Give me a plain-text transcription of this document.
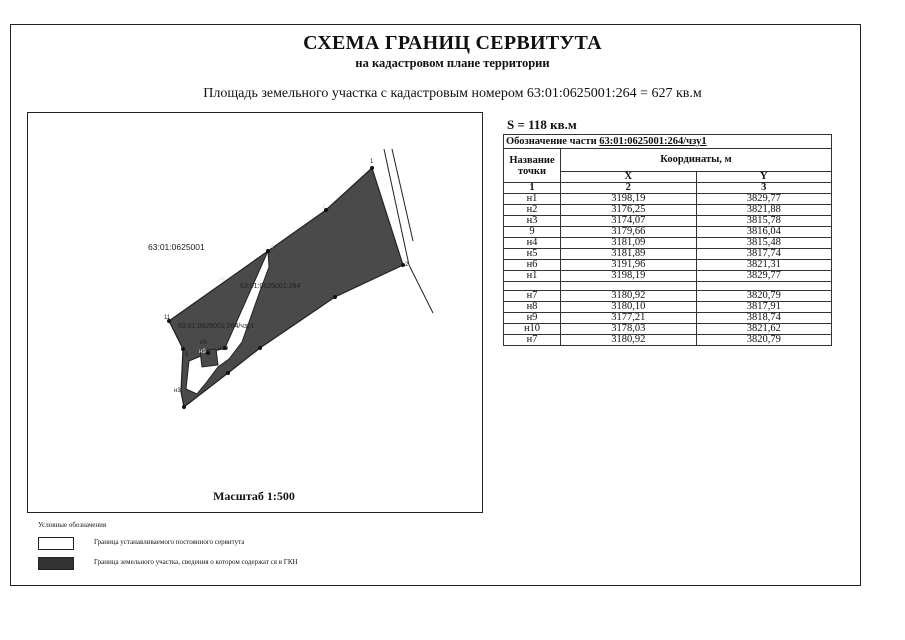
СХЕМА ГРАНИЦ СЕРВИТУТА
на кадастровом плане территории
Площадь земельного участка с кадастровым номером 63:01:0625001:264 = 627 кв.м
63:01:0625001
63:01:0625001:264
63:01:0625001:264/чзу1
1
2
3
4
11
9
н10
н9
н5
н3
н6
Масштаб 1:500
S = 118 кв.м
Обозначение части 63:01:0625001:264/чзу1		
Название точки	Координаты, м	
	X	Y
1	2	3
н1	3198,19	3829,77
н2	3176,25	3821,88
н3	3174,07	3815,78
9	3179,66	3816,04
н4	3181,09	3815,48
н5	3181,89	3817,74
н6	3191,96	3821,31
н1	3198,19	3829,77

н7	3180,92	3820,79
н8	3180,10	3817,91
н9	3177,21	3818,74
н10	3178,03	3821,62
н7	3180,92	3820,79
Условные обозначения
Граница устанавливаемого постоянного сервитута
Граница земельного участка, сведения о котором содержат ся в ГКН
